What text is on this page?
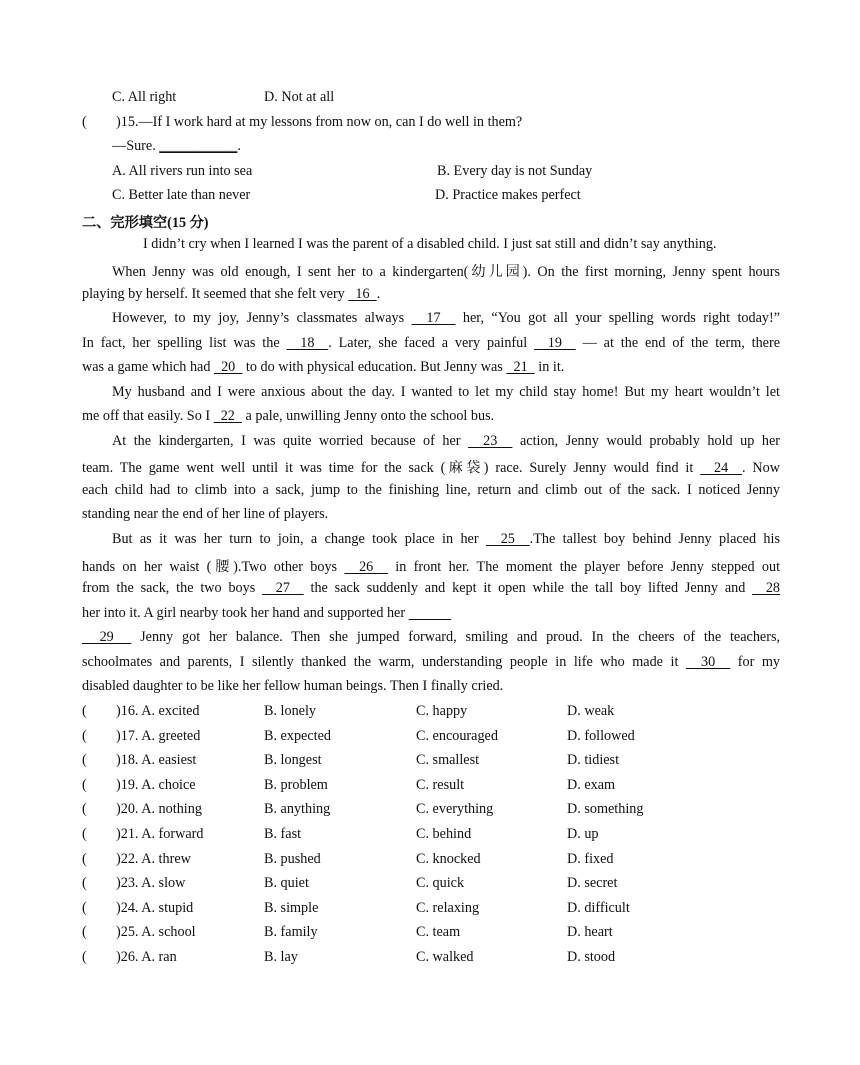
C. All right	D. Not at all
( )15.—If I work hard at my lessons from now on, can I do well in them?
—Sure. ___________.
A. All rivers run into sea	B. Every day is not Sunday
C. Better late than never	D. Practice makes perfect
二、完形填空(15 分)
I didn’t cry when I learned I was the parent of a disabled child. I just sat still and didn’t say anything.
When Jenny was old enough, I sent her to a kindergarten(幼儿园). On the first morning, Jenny spent hours
playing by herself. It seemed that she felt very   16  .
However, to my joy, Jenny’s classmates always   17   her, “You got all your spelling words right today!”
In fact, her spelling list was the   18  . Later, she faced a very painful   19   — at the end of the term, there
was a game which had   20   to do with physical education. But Jenny was   21   in it.
My husband and I were anxious about the day. I wanted to let my child stay home! But my heart wouldn’t let
me off that easily. So I   22   a pale, unwilling Jenny onto the school bus.
At the kindergarten, I was quite worried because of her   23   action, Jenny would probably hold up her
team. The game went well until it was time for the sack (麻袋) race. Surely Jenny would find it   24  . Now
each child had to climb into a sack, jump to the finishing line, return and climb out of the sack. I noticed Jenny
standing near the end of her line of players.
But as it was her turn to join, a change took place in her   25  .The tallest boy behind Jenny placed his
hands on her waist (腰).Two other boys   26   in front her. The moment the player before Jenny stepped out
from the sack, the two boys   27   the sack suddenly and kept it open while the tall boy lifted Jenny and   28
her into it. A girl nearby took her hand and supported her
29   Jenny got her balance. Then she jumped forward, smiling and proud. In the cheers of the teachers,
schoolmates and parents, I silently thanked the warm, understanding people in life who made it   30   for my
disabled daughter to be like her fellow human beings. Then I finally cried.
( )16. A. excited	B. lonely	C. happy	D. weak
( )17. A. greeted	B. expected	C. encouraged	D. followed
( )18. A. easiest	B. longest	C. smallest	D. tidiest
( )19. A. choice	B. problem	C. result	D. exam
( )20. A. nothing	B. anything	C. everything	D. something
( )21. A. forward	B. fast	C. behind	D. up
( )22. A. threw	B. pushed	C. knocked	D. fixed
( )23. A. slow	B. quiet	C. quick	D. secret
( )24. A. stupid	B. simple	C. relaxing	D. difficult
( )25. A. school	B. family	C. team	D. heart
( )26. A. ran	B. lay	C. walked	D. stood
